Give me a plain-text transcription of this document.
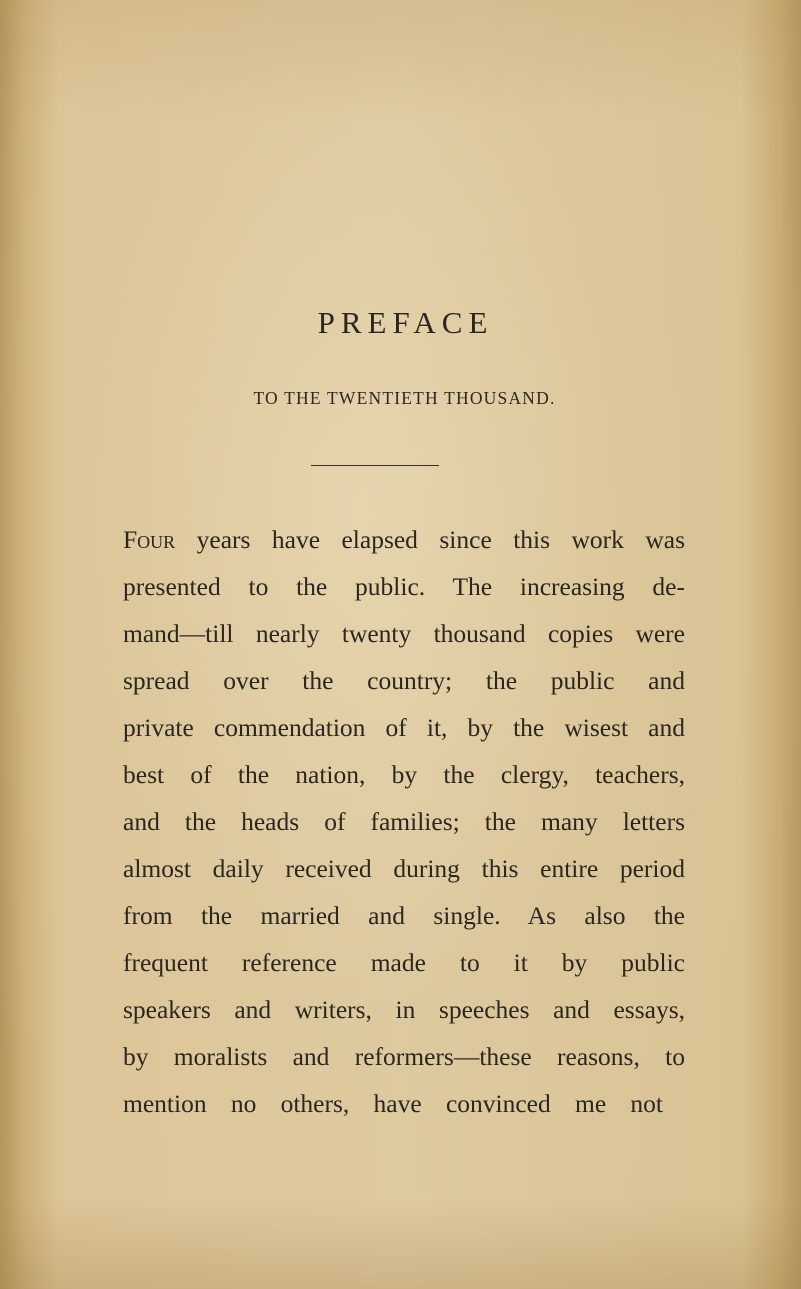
PREFACE
TO THE TWENTIETH THOUSAND.
Four years have elapsed since this work was
presented to the public. The increasing de-
mand—till nearly twenty thousand copies were
spread over the country; the public and
private commendation of it, by the wisest and
best of the nation, by the clergy, teachers,
and the heads of families; the many letters
almost daily received during this entire period
from the married and single. As also the
frequent reference made to it by public
speakers and writers, in speeches and essays,
by moralists and reformers—these reasons, to
mention no others, have convinced me not
